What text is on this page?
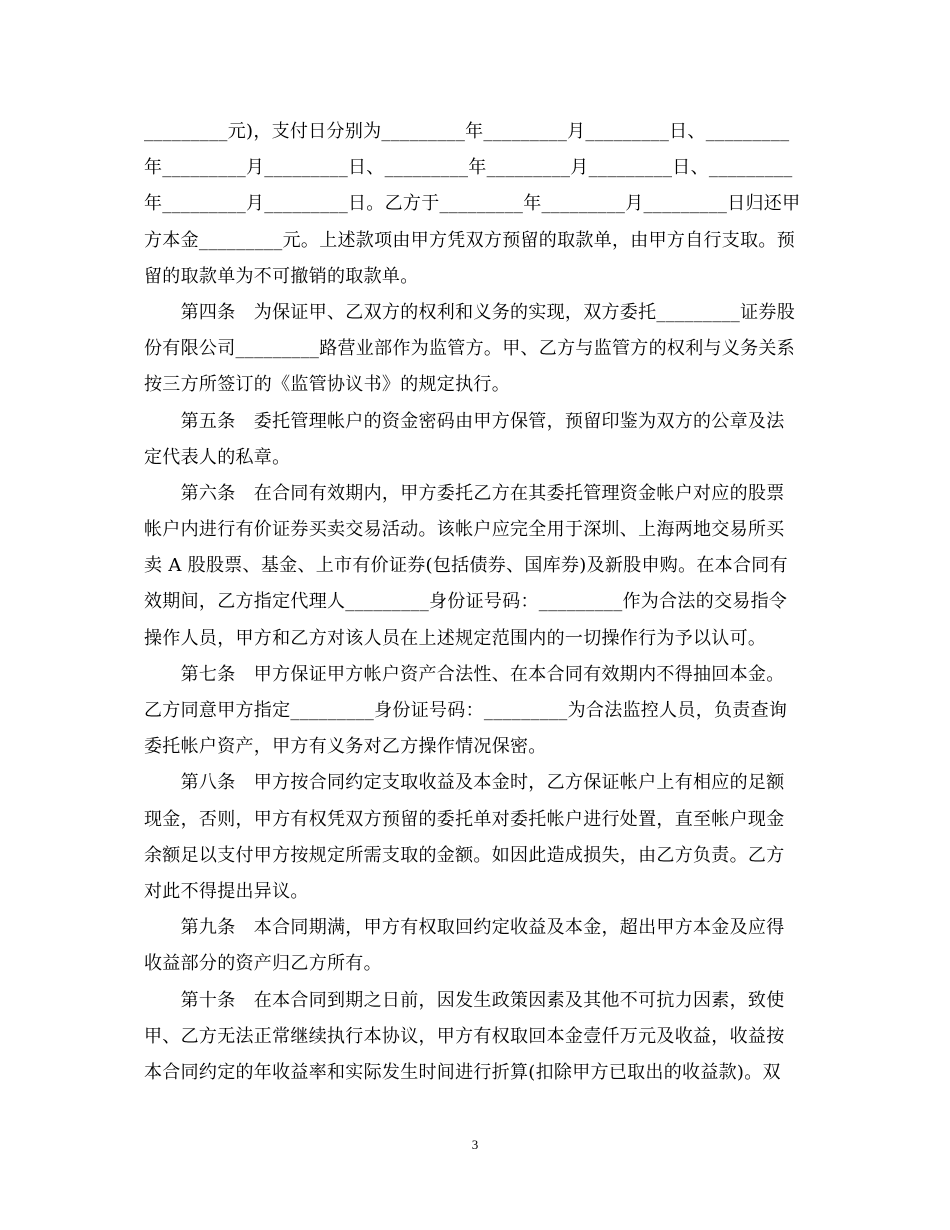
_________元)，支付日分别为_________年_________月_________日、_________
年_________月_________日、_________年_________月_________日、_________
年_________月_________日。乙方于_________年_________月_________日归还甲
方本金_________元。上述款项由甲方凭双方预留的取款单，由甲方自行支取。预
留的取款单为不可撤销的取款单。
　　第四条　为保证甲、乙双方的权利和义务的实现，双方委托_________证券股
份有限公司_________路营业部作为监管方。甲、乙方与监管方的权利与义务关系
按三方所签订的《监管协议书》的规定执行。
　　第五条　委托管理帐户的资金密码由甲方保管，预留印鉴为双方的公章及法
定代表人的私章。
　　第六条　在合同有效期内，甲方委托乙方在其委托管理资金帐户对应的股票
帐户内进行有价证券买卖交易活动。该帐户应完全用于深圳、上海两地交易所买
卖 A 股股票、基金、上市有价证券(包括债券、国库券)及新股申购。在本合同有
效期间，乙方指定代理人_________身份证号码：_________作为合法的交易指令
操作人员，甲方和乙方对该人员在上述规定范围内的一切操作行为予以认可。
　　第七条　甲方保证甲方帐户资产合法性、在本合同有效期内不得抽回本金。
乙方同意甲方指定_________身份证号码：_________为合法监控人员，负责查询
委托帐户资产，甲方有义务对乙方操作情况保密。
　　第八条　甲方按合同约定支取收益及本金时，乙方保证帐户上有相应的足额
现金，否则，甲方有权凭双方预留的委托单对委托帐户进行处置，直至帐户现金
余额足以支付甲方按规定所需支取的金额。如因此造成损失，由乙方负责。乙方
对此不得提出异议。
　　第九条　本合同期满，甲方有权取回约定收益及本金，超出甲方本金及应得
收益部分的资产归乙方所有。
　　第十条　在本合同到期之日前，因发生政策因素及其他不可抗力因素，致使
甲、乙方无法正常继续执行本协议，甲方有权取回本金壹仟万元及收益，收益按
本合同约定的年收益率和实际发生时间进行折算(扣除甲方已取出的收益款)。双
3
